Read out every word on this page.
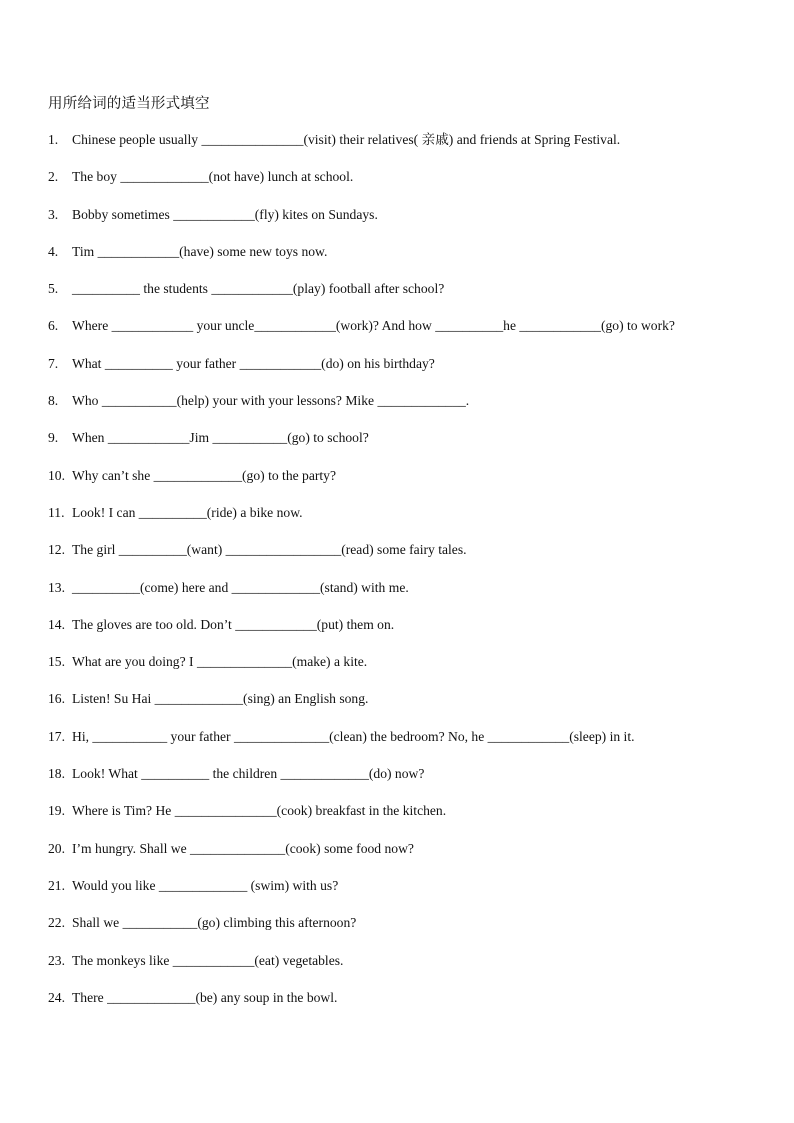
用所给词的适当形式填空
1. Chinese people usually _______________(visit) their relatives( 亲戚) and friends at Spring Festival.
2. The boy _____________(not have) lunch at school.
3. Bobby sometimes ____________(fly) kites on Sundays.
4. Tim ____________(have) some new toys now.
5. __________ the students ____________(play) football after school?
6. Where ____________ your uncle____________(work)? And how __________he ____________(go) to work?
7. What __________ your father ____________(do) on his birthday?
8. Who ___________(help) your with your lessons? Mike _____________.
9. When ____________Jim ___________(go) to school?
10. Why can’t she _____________(go) to the party?
11. Look! I can __________(ride) a bike now.
12. The girl __________(want) _________________(read) some fairy tales.
13. __________(come) here and _____________(stand) with me.
14. The gloves are too old. Don’t ____________(put) them on.
15. What are you doing? I ______________(make) a kite.
16. Listen! Su Hai _____________(sing) an English song.
17. Hi, ___________ your father ______________(clean) the bedroom? No, he ____________(sleep) in it.
18. Look! What __________ the children _____________(do) now?
19. Where is Tim? He _______________(cook) breakfast in the kitchen.
20. I’m hungry. Shall we ______________(cook) some food now?
21. Would you like _____________ (swim) with us?
22. Shall we ___________(go) climbing this afternoon?
23. The monkeys like ____________(eat) vegetables.
24. There _____________(be) any soup in the bowl.
